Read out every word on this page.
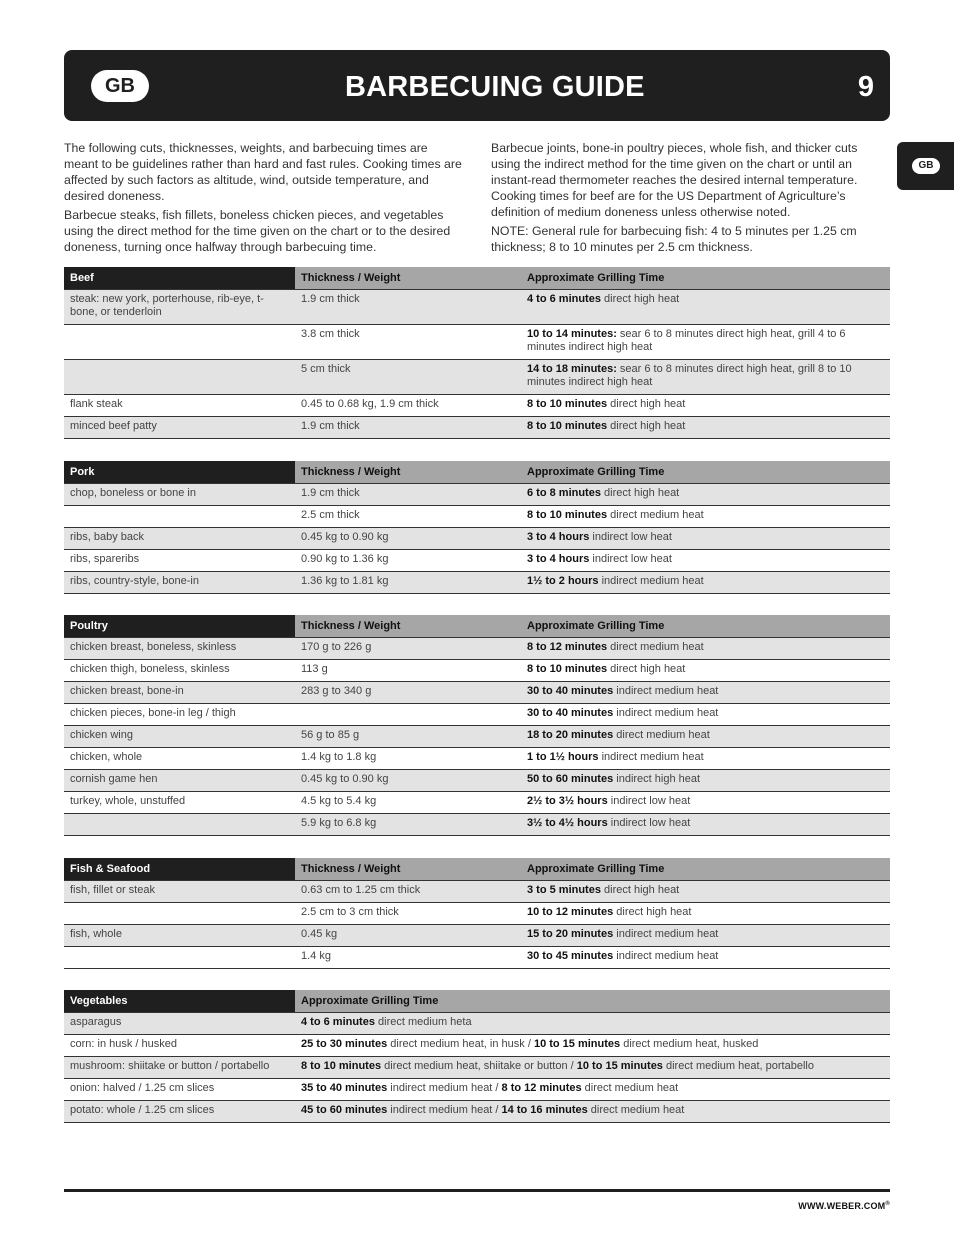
GB	BARBECUING GUIDE	9
GB

The following cuts, thicknesses, weights, and barbecuing times are meant to be guidelines rather than hard and fast rules. Cooking times are affected by such factors as altitude, wind, outside temperature, and desired doneness.

Barbecue steaks, fish fillets, boneless chicken pieces, and vegetables using the direct method for the time given on the chart or to the desired doneness, turning once halfway through barbecuing time.

Barbecue joints, bone-in poultry pieces, whole fish, and thicker cuts using the indirect method for the time given on the chart or until an instant-read thermometer reaches the desired internal temperature. Cooking times for beef are for the US Department of Agriculture’s definition of medium doneness unless otherwise noted.

NOTE: General rule for barbecuing fish: 4 to 5 minutes per 1.25 cm thickness; 8 to 10 minutes per 2.5 cm thickness.

Beef	Thickness / Weight	Approximate Grilling Time
steak: new york, porterhouse, rib-eye, t-bone, or tenderloin	1.9 cm thick	4 to 6 minutes direct high heat
	3.8 cm thick	10 to 14 minutes: sear 6 to 8 minutes direct high heat, grill 4 to 6 minutes indirect high heat
	5 cm thick	14 to 18 minutes: sear 6 to 8 minutes direct high heat, grill 8 to 10 minutes indirect high heat
flank steak	0.45 to 0.68 kg, 1.9 cm thick	8 to 10 minutes direct high heat
minced beef patty	1.9 cm thick	8 to 10 minutes direct high heat
Pork	Thickness / Weight	Approximate Grilling Time
chop, boneless or bone in	1.9 cm thick	6 to 8 minutes direct high heat
	2.5 cm thick	8 to 10 minutes direct medium heat
ribs, baby back	0.45 kg to 0.90 kg	3 to 4 hours indirect low heat
ribs, spareribs	0.90 kg to 1.36 kg	3 to 4 hours indirect low heat
ribs, country-style, bone-in	1.36 kg to 1.81 kg	1½ to 2 hours indirect medium heat
Poultry	Thickness / Weight	Approximate Grilling Time
chicken breast, boneless, skinless	170 g to 226 g	8 to 12 minutes direct medium heat
chicken thigh, boneless, skinless	113 g	8 to 10 minutes direct high heat
chicken breast, bone-in	283 g to 340 g	30 to 40 minutes indirect medium heat
chicken pieces, bone-in leg / thigh		30 to 40 minutes indirect medium heat
chicken wing	56 g to 85 g	18 to 20 minutes direct medium heat
chicken, whole	1.4 kg to 1.8 kg	1 to 1½ hours indirect medium heat
cornish game hen	0.45 kg to 0.90 kg	50 to 60 minutes indirect high heat
turkey, whole, unstuffed	4.5 kg to 5.4 kg	2½ to 3½ hours indirect low heat
	5.9 kg to 6.8 kg	3½ to 4½ hours indirect low heat
Fish & Seafood	Thickness / Weight	Approximate Grilling Time
fish, fillet or steak	0.63 cm to 1.25 cm thick	3 to 5 minutes direct high heat
	2.5 cm to 3 cm thick	10 to 12 minutes direct high heat
fish, whole	0.45 kg	15 to 20 minutes indirect medium heat
	1.4 kg	30 to 45 minutes indirect medium heat
Vegetables	Approximate Grilling Time
asparagus	4 to 6 minutes direct medium heta
corn: in husk / husked	25 to 30 minutes direct medium heat, in husk / 10 to 15 minutes direct medium heat, husked
mushroom: shiitake or button / portabello	8 to 10 minutes direct medium heat, shiitake or button / 10 to 15 minutes direct medium heat, portabello
onion: halved / 1.25 cm slices	35 to 40 minutes indirect medium heat / 8 to 12 minutes direct medium heat
potato: whole / 1.25 cm slices	45 to 60 minutes indirect medium heat / 14 to 16 minutes direct medium heat
WWW.WEBER.COM®
